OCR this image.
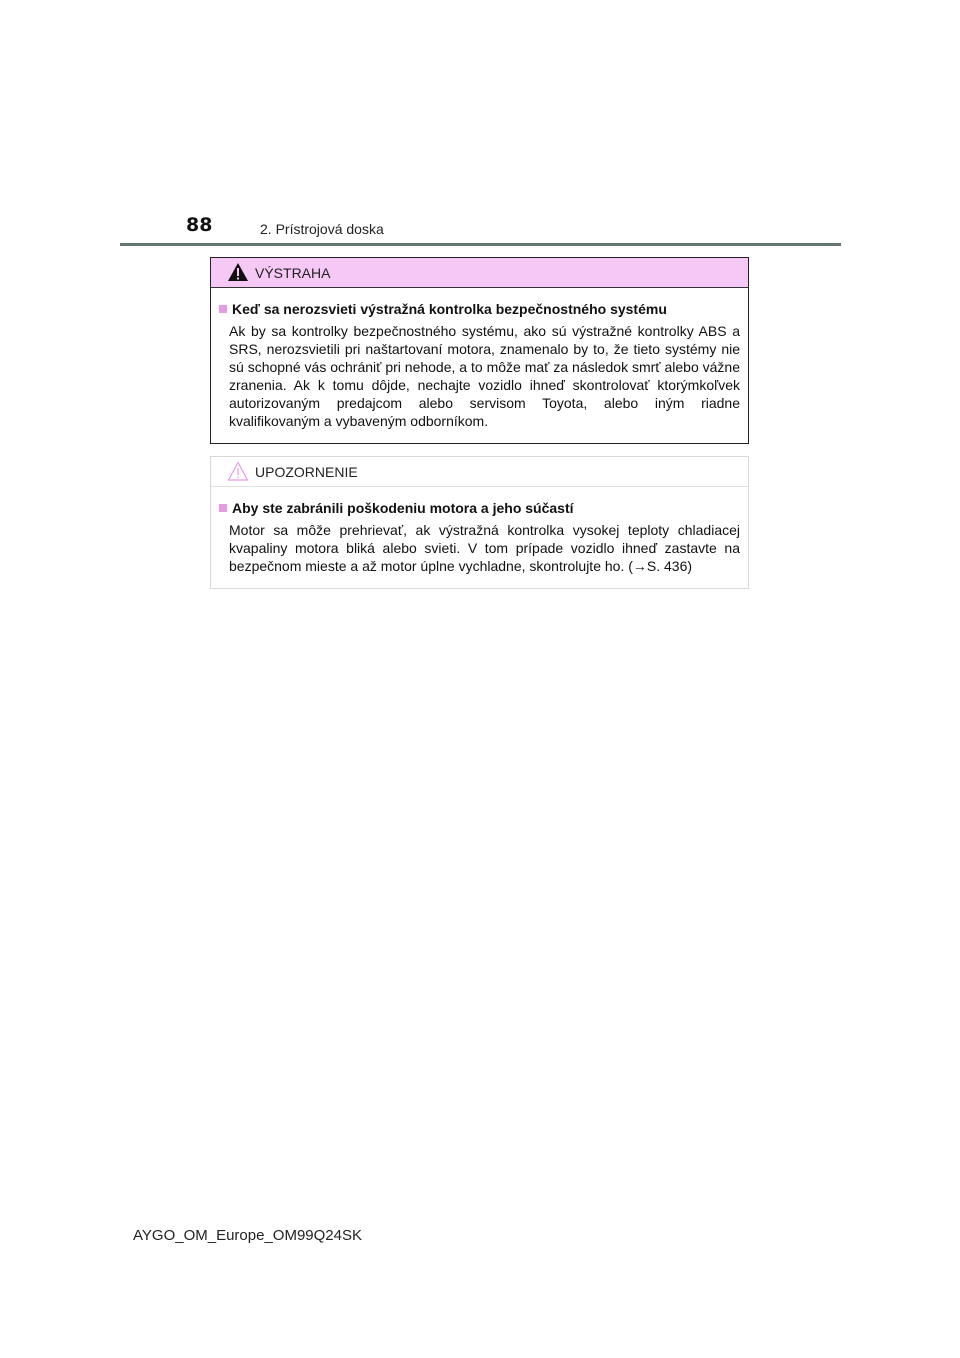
88	2. Prístrojová doska
VÝSTRAHA
Keď sa nerozsvieti výstražná kontrolka bezpečnostného systému

Ak by sa kontrolky bezpečnostného systému, ako sú výstražné kontrolky ABS a SRS, nerozsvietili pri naštartovaní motora, znamenalo by to, že tieto systémy nie sú schopné vás ochrániť pri nehode, a to môže mať za následok smrť alebo vážne zranenia. Ak k tomu dôjde, nechajte vozidlo ihneď skontrolovať ktorýmkoľvek autorizovaným predajcom alebo servisom Toyota, alebo iným riadne kvalifikovaným a vybaveným odborníkom.

UPOZORNENIE
Aby ste zabránili poškodeniu motora a jeho súčastí

Motor sa môže prehrievať, ak výstražná kontrolka vysokej teploty chladiacej kvapaliny motora bliká alebo svieti. V tom prípade vozidlo ihneď zastavte na bezpečnom mieste a až motor úplne vychladne, skontrolujte ho. (→S. 436)

AYGO_OM_Europe_OM99Q24SK
